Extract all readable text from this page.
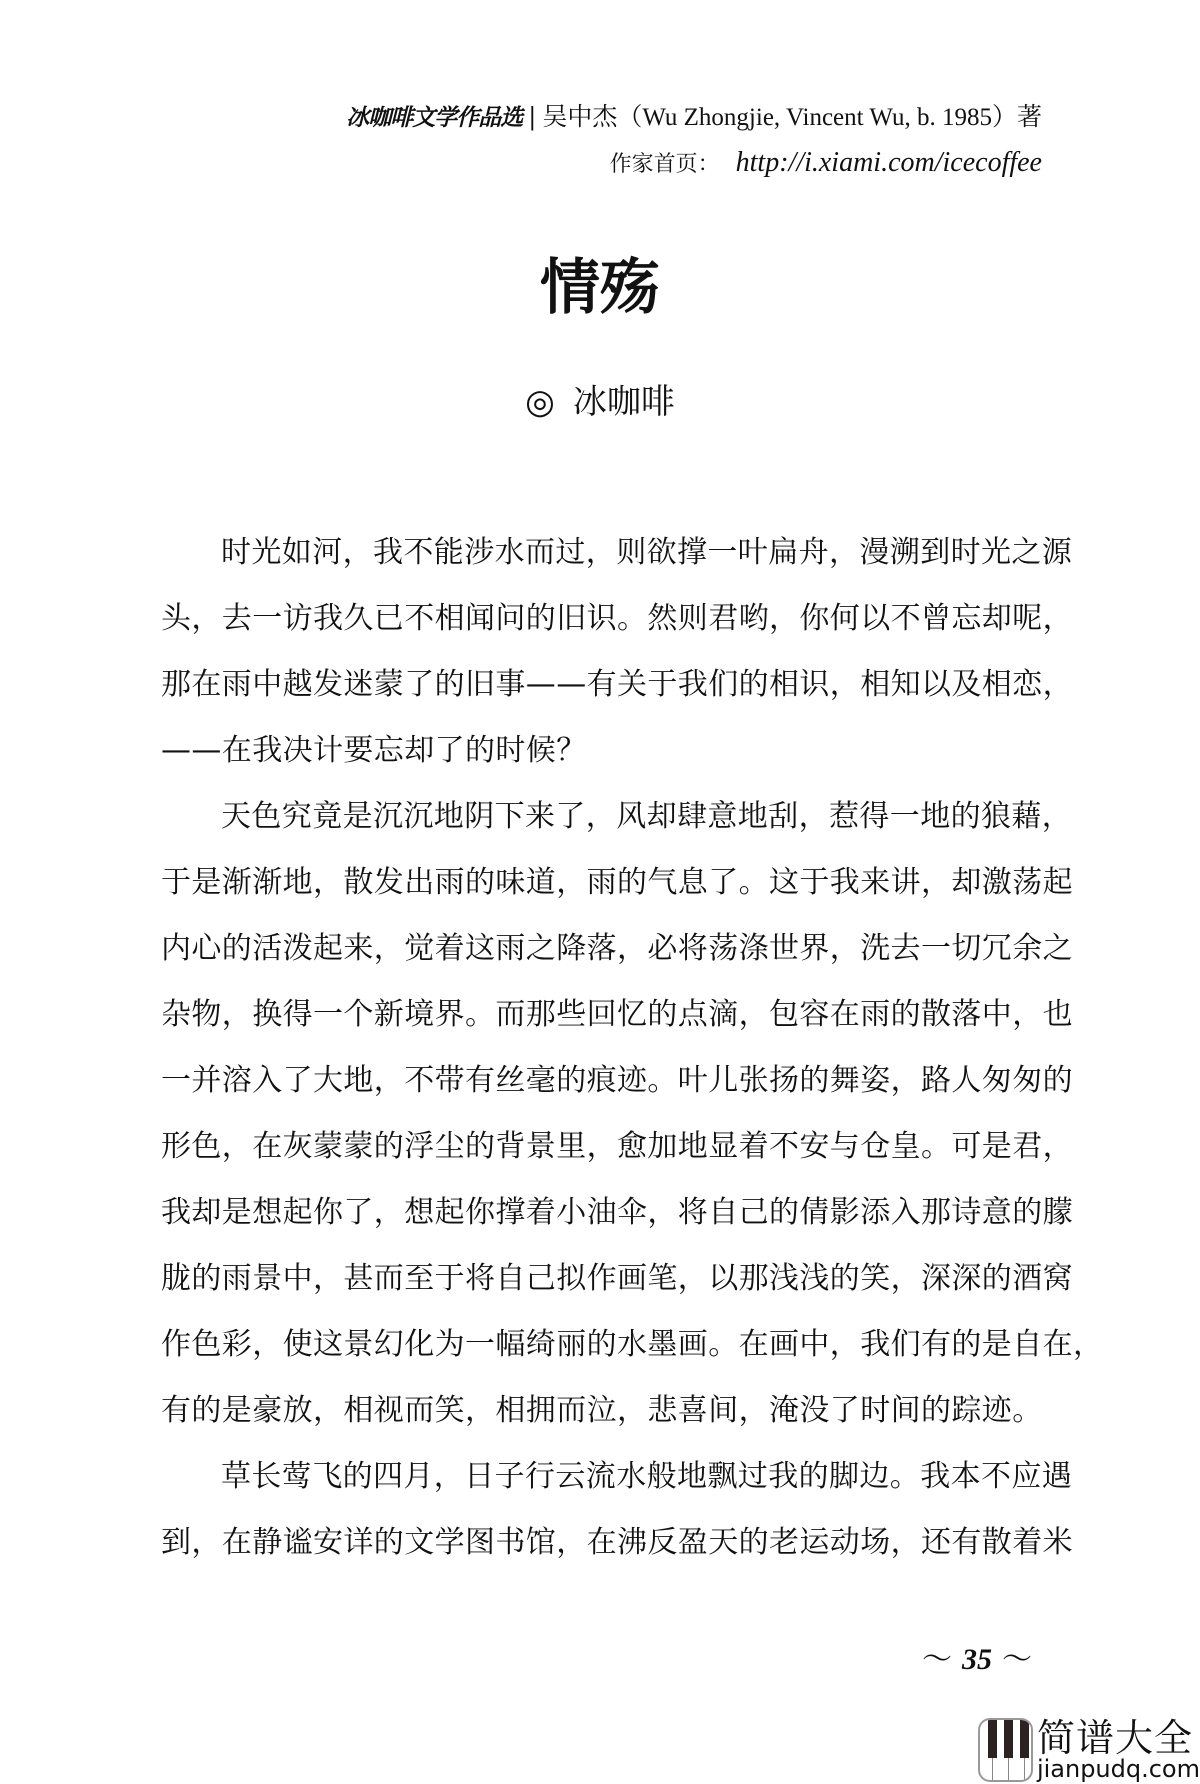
冰咖啡文学作品选 | 吴中杰（Wu Zhongjie, Vincent Wu, b. 1985）著
作家首页： http://i.xiami.com/icecoffee
情殇
◎ 冰咖啡

时光如河，我不能涉水而过，则欲撑一叶扁舟，漫溯到时光之源
头，去一访我久已不相闻问的旧识。然则君哟，你何以不曾忘却呢，
那在雨中越发迷蒙了的旧事——有关于我们的相识，相知以及相恋，
——在我决计要忘却了的时候？

天色究竟是沉沉地阴下来了，风却肆意地刮，惹得一地的狼藉，
于是渐渐地，散发出雨的味道，雨的气息了。这于我来讲，却激荡起
内心的活泼起来，觉着这雨之降落，必将荡涤世界，洗去一切冗余之
杂物，换得一个新境界。而那些回忆的点滴，包容在雨的散落中，也
一并溶入了大地，不带有丝毫的痕迹。叶儿张扬的舞姿，路人匆匆的
形色，在灰蒙蒙的浮尘的背景里，愈加地显着不安与仓皇。可是君，
我却是想起你了，想起你撑着小油伞，将自己的倩影添入那诗意的朦
胧的雨景中，甚而至于将自己拟作画笔，以那浅浅的笑，深深的酒窝
作色彩，使这景幻化为一幅绮丽的水墨画。在画中，我们有的是自在，
有的是豪放，相视而笑，相拥而泣，悲喜间，淹没了时间的踪迹。

草长莺飞的四月，日子行云流水般地飘过我的脚边。我本不应遇
到，在静谧安详的文学图书馆，在沸反盈天的老运动场，还有散着米

～ 35 ～
简谱大全
jianpudq.com
